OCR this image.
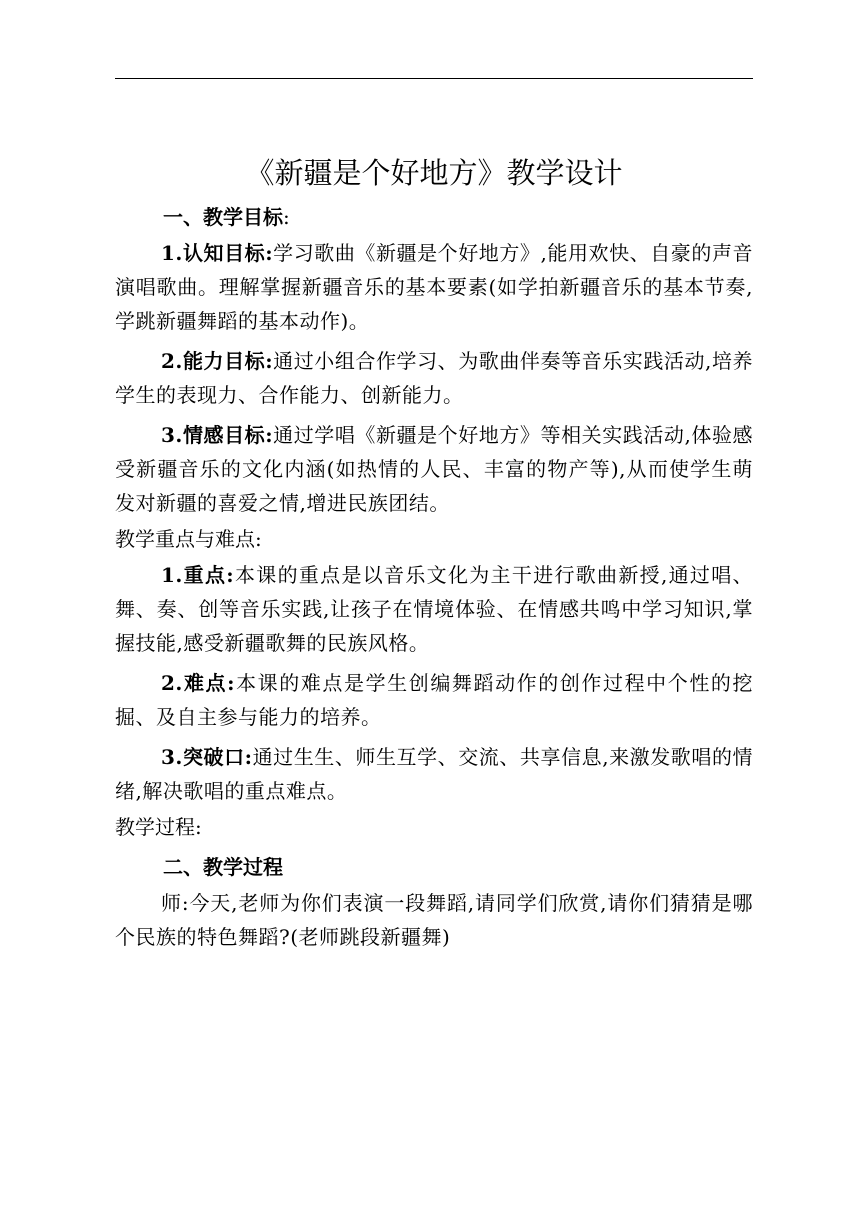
《新疆是个好地方》教学设计
一、教学目标:

1.认知目标:学习歌曲《新疆是个好地方》,能用欢快、自豪的声音演唱歌曲。理解掌握新疆音乐的基本要素(如学拍新疆音乐的基本节奏,学跳新疆舞蹈的基本动作)。

2.能力目标:通过小组合作学习、为歌曲伴奏等音乐实践活动,培养学生的表现力、合作能力、创新能力。

3.情感目标:通过学唱《新疆是个好地方》等相关实践活动,体验感受新疆音乐的文化内涵(如热情的人民、丰富的物产等),从而使学生萌发对新疆的喜爱之情,增进民族团结。

教学重点与难点:

1.重点:本课的重点是以音乐文化为主干进行歌曲新授,通过唱、舞、奏、创等音乐实践,让孩子在情境体验、在情感共鸣中学习知识,掌握技能,感受新疆歌舞的民族风格。

2.难点:本课的难点是学生创编舞蹈动作的创作过程中个性的挖掘、及自主参与能力的培养。

3.突破口:通过生生、师生互学、交流、共享信息,来激发歌唱的情绪,解决歌唱的重点难点。

教学过程:
二、教学过程

师:今天,老师为你们表演一段舞蹈,请同学们欣赏,请你们猜猜是哪个民族的特色舞蹈?(老师跳段新疆舞)
